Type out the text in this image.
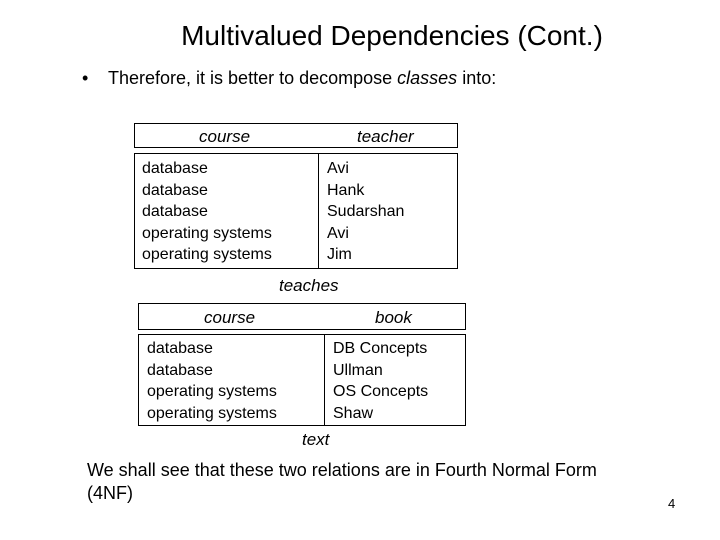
Multivalued Dependencies (Cont.)
• Therefore, it is better to decompose classes into:
course	teacher
database
database
database
operating systems
operating systems
Avi
Hank
Sudarshan
Avi
Jim
teaches
course	book
database
database
operating systems
operating systems
DB Concepts
Ullman
OS Concepts
Shaw
text
We shall see that these two relations are in Fourth Normal Form (4NF)
4
